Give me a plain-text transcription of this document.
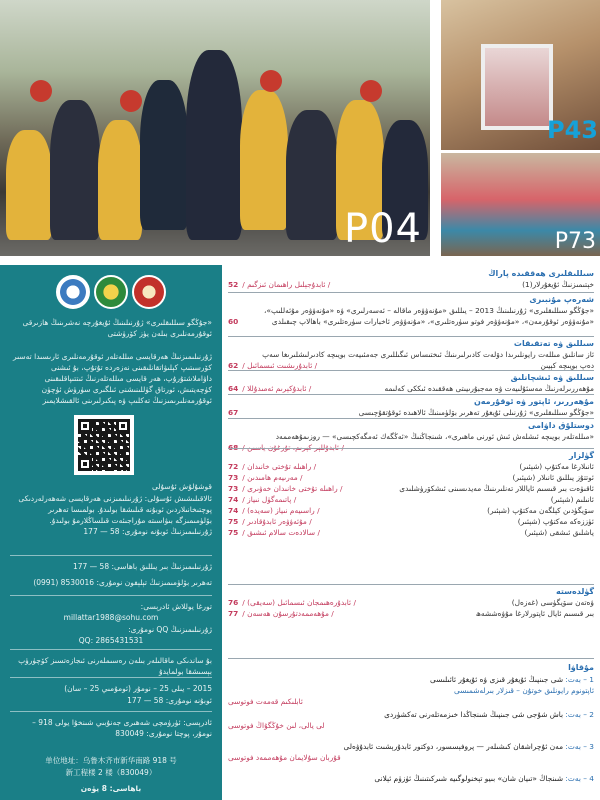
P04
P43
P73
«جۇڭگو سىللىقلىرى» ژۇرنىلىنىڭ ئۇيغۇرچە نەشرىنىڭ ھازىرقى
ئوقۇرمەنلىرى بىلەن يۈز كۆرۈشتى
ژۇرنىلىمىزنىڭ ھەرقايسى مىللەتلەر ئوقۇرمەنلىرى ئارىسىدا تەسىر كۆرسىتىپ كېلىۋاتقانلىقىنى نەزەردە تۇتۇپ، بۇ ئىشنى داۋاملاشتۇرۇپ، ھەر قايسى مىللەتلەرنىڭ ئىتتىپاقلىقىنى كۈچەيتىش، ئورتاق گۈللىنىشنى ئىلگىرى سۈرۈش ئۈچۈن ئوقۇرمەنلىرىمىزنىڭ تەكلىپ ۋە پىكىرلىرىنى ئالقىشلايمىز
قوشۇلۇش ئۇسۇلى
ئالاقىلىشىش ئۇسۇلى: ژۇرنىلىمىزنى ھەرقايسى شەھەرلەردىكى پوچتىخانىلاردىن ئوبۇنە قىلىشقا بولىدۇ. بولمىسا تەھرىر بۆلۈمىمىزگە بىۋاسىتە مۇراجىئەت قىلساڭلارمۇ بولىدۇ. ژۇرنىلىمىزنىڭ ئوبۇنە نومۇرى: 58 — 177
ژۇرنىلىمىزنىڭ بىر يىللىق باھاسى: 58 — 177
تەھرىر بۆلۈمىمىزنىڭ تېلېفون نومۇرى: 8530016 (0991)
تورغا يوللاش ئادرېسى:
millattar1988@sohu.com
ژۇرنىلىمىزنىڭ QQ نومۇرى:
QQ: 2865431531
بۇ ساندىكى ماقالىلەر بىلەن رەسىملەرنى ئىجازەتسىز كۆچۈرۈپ بېسىشقا بولمايدۇ
2015 – يىلى 25 – نومۇر (ئومۇمىي 25 – سان)
ئوبۇنە نومۇرى: 58 — 177
ئادرېسى: ئۈرۈمچى شەھىرى جەنۇبىي شىنخۇا يولى 918 – نومۇر، پوچتا نومۇرى: 830049
单位地址：乌鲁木齐市新华南路 918 号
新工程楼 2 楼（830049）
باھاسى: 8 يۈەن
سىللىقلىرى ھەققىدە پاراڭ
خېتىمىزنىڭ ئۇيغۇرلار(1)
/ ئابدۇجېلىل راھىمان ئىزگىم /
52
شەرەپ مۇنبىرى
«جۇڭگو سىللىقلىرى» ژۇرنىلىنىڭ 2013 – يىللىق «مۇنەۋۋەر ماقالە – ئەسەرلىرى» ۋە «مۇنەۋۋەر مۇئەللىپ»،
«مۇنەۋۋەر ئوقۇرمەن»، «مۇنەۋۋەر فوتو سۈرەتلىرى»، «مۇنەۋۋەر ئاخبارات سۈرەتلىرى» باھالاپ چىقىلدى
60
سىللىق ۋە تەتقىقات
ئاز سانلىق مىللەت رايونلىرىدا دۆلەت كادىرلىرىنىڭ ئىختىساس ئىگىللىرى جەمئىيەت بويىچە كادىرلىشلىرىغا سەپ
دەپ بويىچە كېيىن
/ ئابدۇرىشىت ئىسمائىل /
62
سىللىق ۋە ئىشچانلىق
مۇھەررىرلەرنىڭ مەسئۇلىيەت ۋە مەجبۇرىيىتى ھەققىدە ئىككى كەلىمە
/ ئابدۇكېرىم ئەمىدۇللا /
64
مۇھەررىر، ئاپتور ۋە ئوقۇرمەن
«جۇڭگو سىللىقلىرى» ژۇرنىلى ئۇيغۇر تەھرىر بۆلۈمىنىڭ ئالاھىدە ئوقۇتقۇچىسى
67
دوستلۇق داۋامى
«مىللەتلەر بويىچە ئىشلەش ئىش ئورنى ماھىرى»، شىنجاڭنىڭ «ئەڭگەك ئەمگەكچىسى» — روزىمۇھەممەد
گۈلزار
ئانىلارغا مەكتۇپ (شېئىر)
/ راھىلە تۇختى خانىدان /
72
ئوتتۇز يىللىق ئانىلار (شېئىر)
/ مەرىيەم ھامىدىن /
73
ئاقىۋەت بىر قىسىم ئاياللار تەنلىرىنىڭ مەيدىسىنى ئىشكۆرۈشلىدى
/ راھىلە تۇختى خانىدان خەۋىرى /
73
ئانىلىم (شېئىر)
/ پاتىمەگۈل نىياز /
74
سۆيگۈدىن كېلگەن مەكتۇپ (شېئىر)
/ راسىيەم نىياز (سەيدە) /
74
ئۈززەكە مەكتۇپ (شېئىر)
/ مۇئەۋۋەر ئابدۇقادىر /
75
ياشلىق ئىشقى (شېئىر)
/ سالادەت سالام ئىشىق /
75
گۈلدەستە
ۋەتەن سۆيگۈسى (غەزەل)
/ ئابدۇرەھىمجان ئىسمائىل (سەيقى) /
76
بىر قىسىم ئايال ئاپتورلارغا مۇۋەششەھ
/ مۇھەممەدتۇرسۇن ھەسەن /
77
مۇقاۋا
1 – بەت: شى جىنپىڭ ئۇيغۇر قىزى ۋە ئۇيغۇر ئائىلىسى
ئاپتونوم رايونلىق خوتۇن – قىزلار بىرلەشمىسى
ئابلىكىم قەمەت فوتوسى
2 – بەت: باش شۇجى شى جىنپىڭ شىنجاڭدا خىزمەتلەرنى تەكشۈردى
لى يالى، لىن خۇڭگۇاڭ فوتوسى
3 – بەت: مەن ئۇچراشقان كىشىلەر — پروفېسسور، دوكتور ئابدۇرېشىت ئابدۇۋەلى
قۇربان سۇلايمان مۇھەممەد فوتوسى
4 – بەت: شىنجاڭ «تىيان شان» بىيو تېخنولوگىيە شىركىتىنىڭ ئۈزۈم ئېلانى
